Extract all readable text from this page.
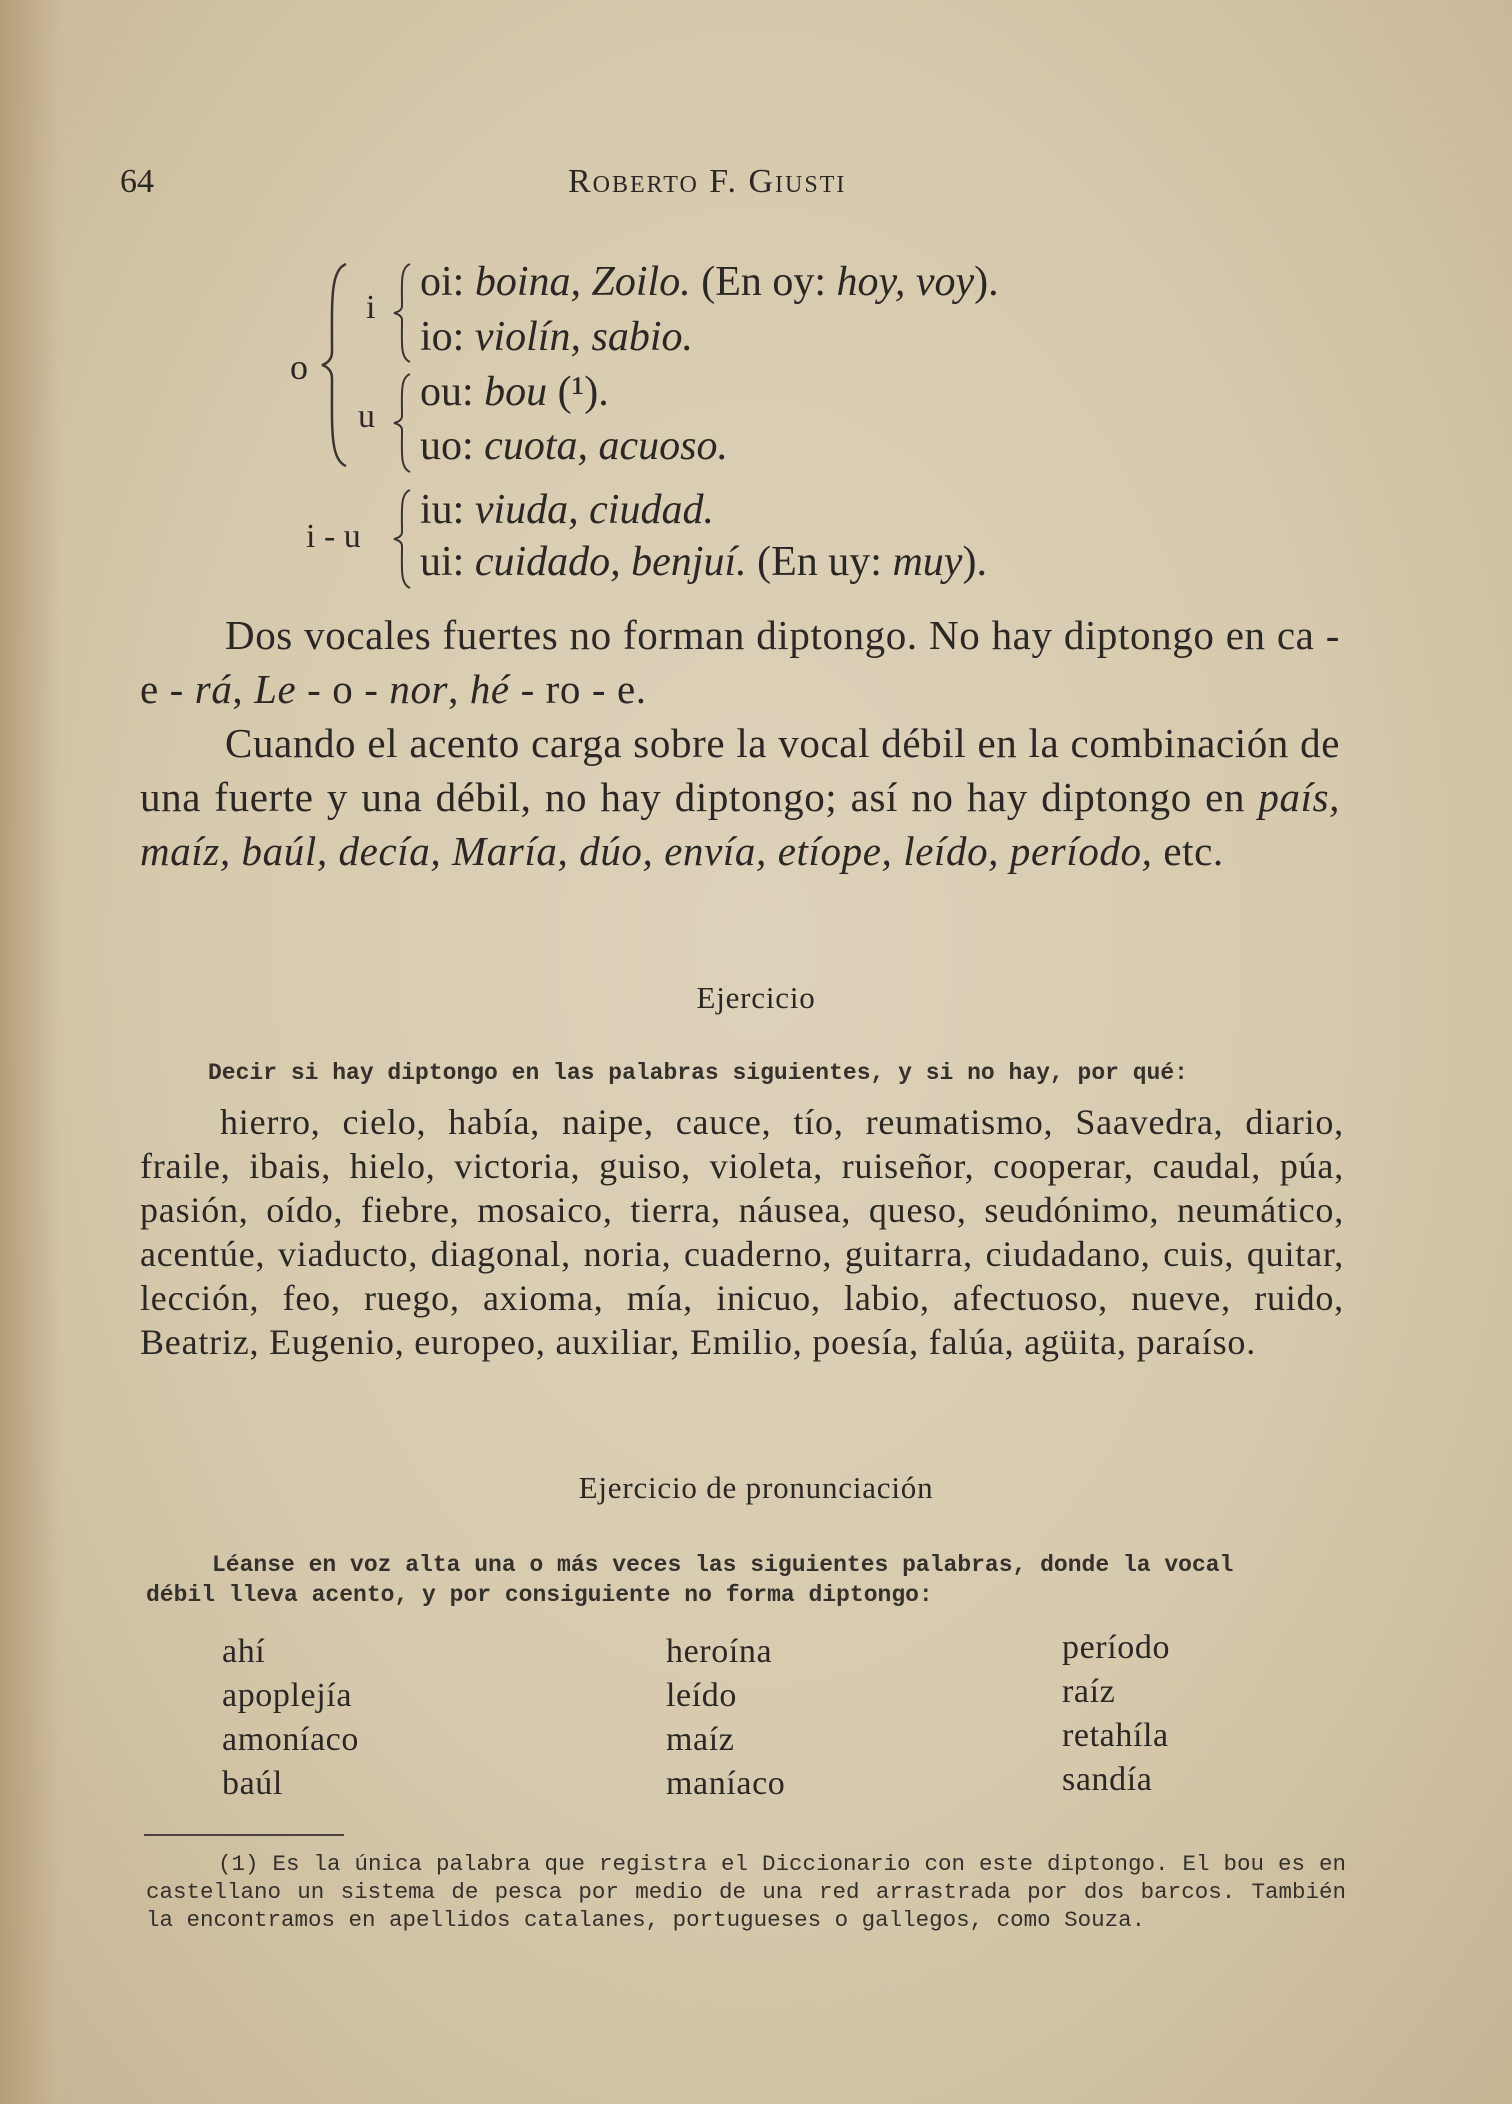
64	Roberto F. Giusti
o
i
u
i - u
oi: boina, Zoilo. (En oy: hoy, voy).
io: violín, sabio.
ou: bou (¹).
uo: cuota, acuoso.
iu: viuda, ciudad.
ui: cuidado, benjuí. (En uy: muy).
Dos vocales fuertes no forman diptongo. No hay diptongo en ca - e - rá, Le - o - nor, hé - ro - e.
Cuando el acento carga sobre la vocal débil en la combinación de una fuerte y una débil, no hay diptongo; así no hay diptongo en país, maíz, baúl, decía, María, dúo, envía, etíope, leído, período, etc.
Ejercicio
Decir si hay diptongo en las palabras siguientes, y si no hay, por qué:
hierro, cielo, había, naipe, cauce, tío, reumatismo, Saavedra, diario, fraile, ibais, hielo, victoria, guiso, violeta, ruiseñor, cooperar, caudal, púa, pasión, oído, fiebre, mosaico, tierra, náusea, queso, seudónimo, neumático, acentúe, viaducto, diagonal, noria, cuaderno, guitarra, ciudadano, cuis, quitar, lección, feo, ruego, axioma, mía, inicuo, labio, afectuoso, nueve, ruido, Beatriz, Eugenio, europeo, auxiliar, Emilio, poesía, falúa, agüita, paraíso.
Ejercicio de pronunciación
Léanse en voz alta una o más veces las siguientes palabras, donde la vocal
débil lleva acento, y por consiguiente no forma diptongo:
ahí
apoplejía
amoníaco
baúl
heroína
leído
maíz
maníaco
período
raíz
retahíla
sandía
(1) Es la única palabra que registra el Diccionario con este diptongo. El bou es en castellano un sistema de pesca por medio de una red arrastrada por dos barcos. También la encontramos en apellidos catalanes, portugueses o gallegos, como Souza.
